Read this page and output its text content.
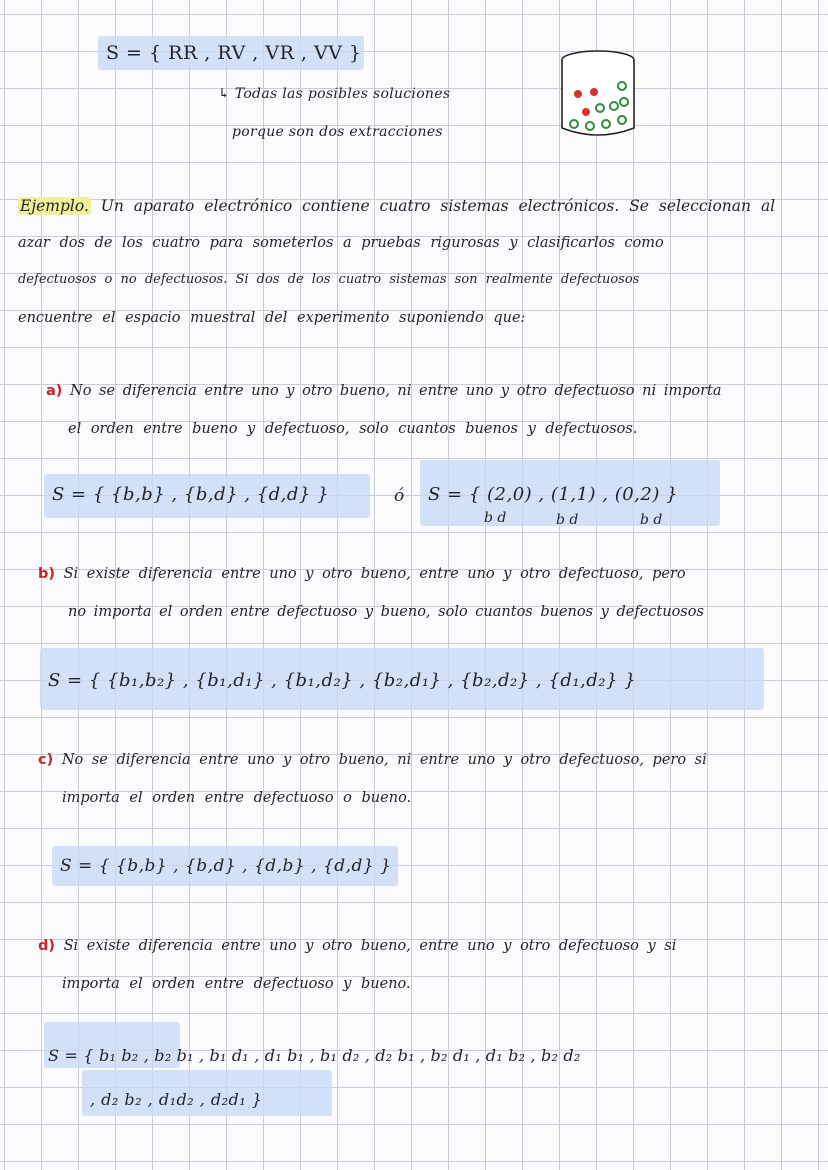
S = { RR , RV , VR , VV }
↳ Todas las posibles soluciones
porque son dos extracciones
Ejemplo. Un aparato electrónico contiene cuatro sistemas electrónicos. Se seleccionan al
azar dos de los cuatro para someterlos a pruebas rigurosas y clasificarlos como
defectuosos o no defectuosos. Si dos de los cuatro sistemas son realmente defectuosos
encuentre el espacio muestral del experimento suponiendo que:
a) No se diferencia entre uno y otro bueno, ni entre uno y otro defectuoso ni importa
el orden entre bueno y defectuoso, solo cuantos buenos y defectuosos.
S = { {b,b} , {b,d} , {d,d} }	ó S = { (2,0) , (1,1) , (0,2) }
b d	b d	b d
b) Si existe diferencia entre uno y otro bueno, entre uno y otro defectuoso, pero
no importa el orden entre defectuoso y bueno, solo cuantos buenos y defectuosos
S = { {b₁,b₂} , {b₁,d₁} , {b₁,d₂} , {b₂,d₁} , {b₂,d₂} , {d₁,d₂} }
c) No se diferencia entre uno y otro bueno, ni entre uno y otro defectuoso, pero si
importa el orden entre defectuoso o bueno.
S = { {b,b} , {b,d} , {d,b} , {d,d} }
d) Si existe diferencia entre uno y otro bueno, entre uno y otro defectuoso y si
importa el orden entre defectuoso y bueno.
S = { b₁ b₂ , b₂ b₁ , b₁ d₁ , d₁ b₁ , b₁ d₂ , d₂ b₁ , b₂ d₁ , d₁ b₂ , b₂ d₂
, d₂ b₂ , d₁d₂ , d₂d₁ }
